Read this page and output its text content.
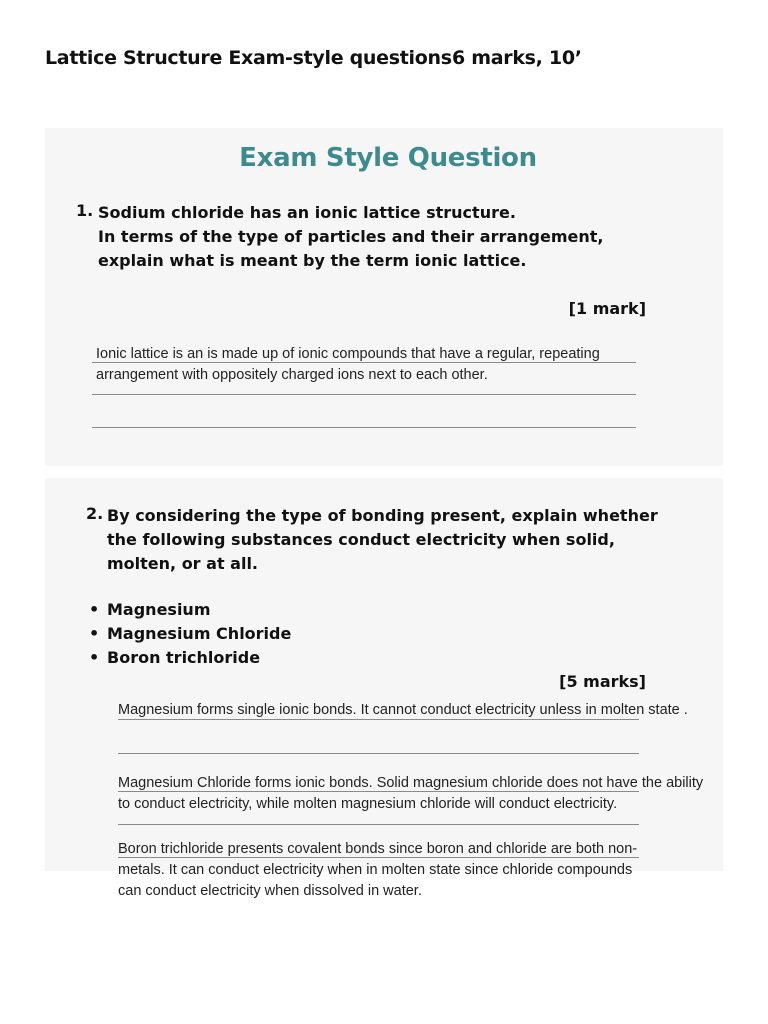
Lattice Structure Exam-style questions 6 marks, 10’
Exam Style Question
1. Sodium chloride has an ionic lattice structure.
In terms of the type of particles and their arrangement,
explain what is meant by the term ionic lattice.
[1 mark]
Ionic lattice is an is made up of ionic compounds that have a regular, repeating
arrangement with oppositely charged ions next to each other.
2. By considering the type of bonding present, explain whether
the following substances conduct electricity when solid,
molten, or at all.
• Magnesium
• Magnesium Chloride
• Boron trichloride
[5 marks]
Magnesium forms single ionic bonds. It cannot conduct electricity unless in molten state .
Magnesium Chloride forms ionic bonds. Solid magnesium chloride does not have the ability
to conduct electricity, while molten magnesium chloride will conduct electricity.
Boron trichloride presents covalent bonds since boron and chloride are both non-
metals. It can conduct electricity when in molten state since chloride compounds
can conduct electricity when dissolved in water.
